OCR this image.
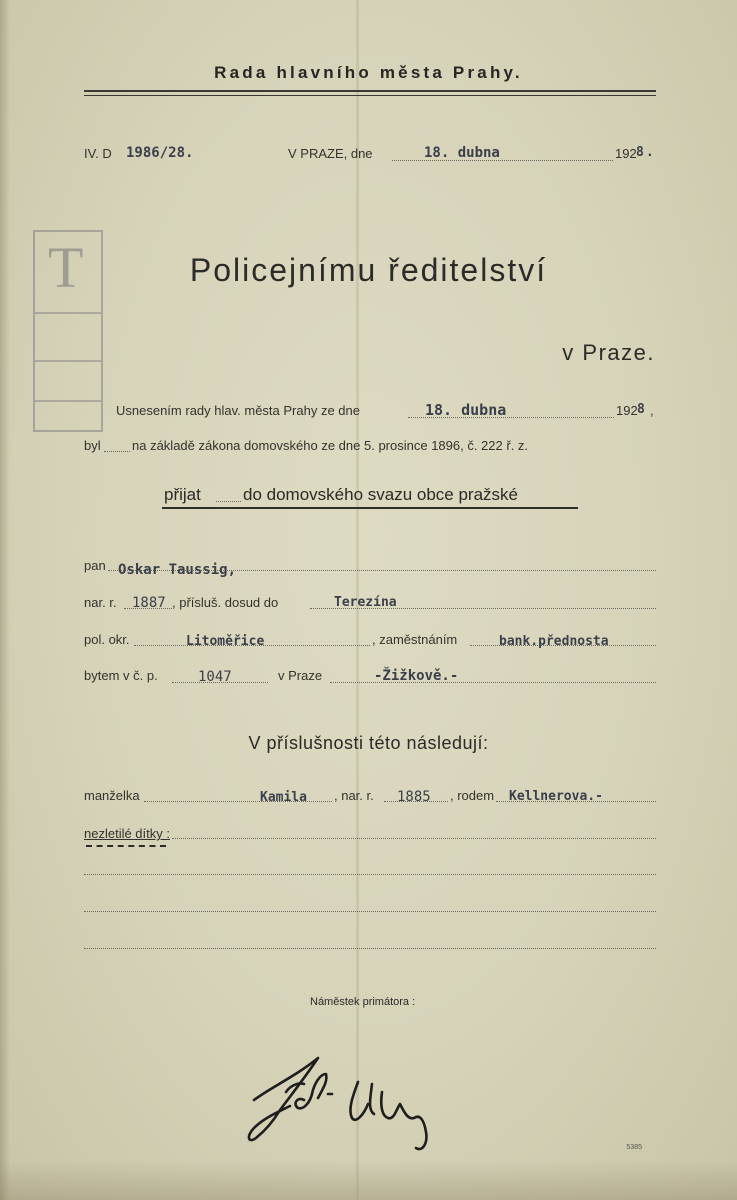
Rada hlavního města Prahy.
IV. D 1986/28.	V PRAZE, dne	18. dubna	192 8 .
T	Policejnímu ředitelství
v Praze.
Usnesením rady hlav. města Prahy ze dne	18. dubna	192 8 ,
byl na základě zákona domovského ze dne 5. prosince 1896, č. 222 ř. z.
přijat do domovského svazu obce pražské
pan Oskar Taussig,
nar. r. 1887 , přísluš. dosud do	Terezína
pol. okr.	Litoměřice	, zaměstnáním	bank.přednosta
bytem v č. p.	1047	v Praze	-Žižkově.-
V příslušnosti této následují:
manželka	Kamila , nar. r. 1885 , rodem Kellnerova.-
nezletilé dítky :
Náměstek primátora :
5385
